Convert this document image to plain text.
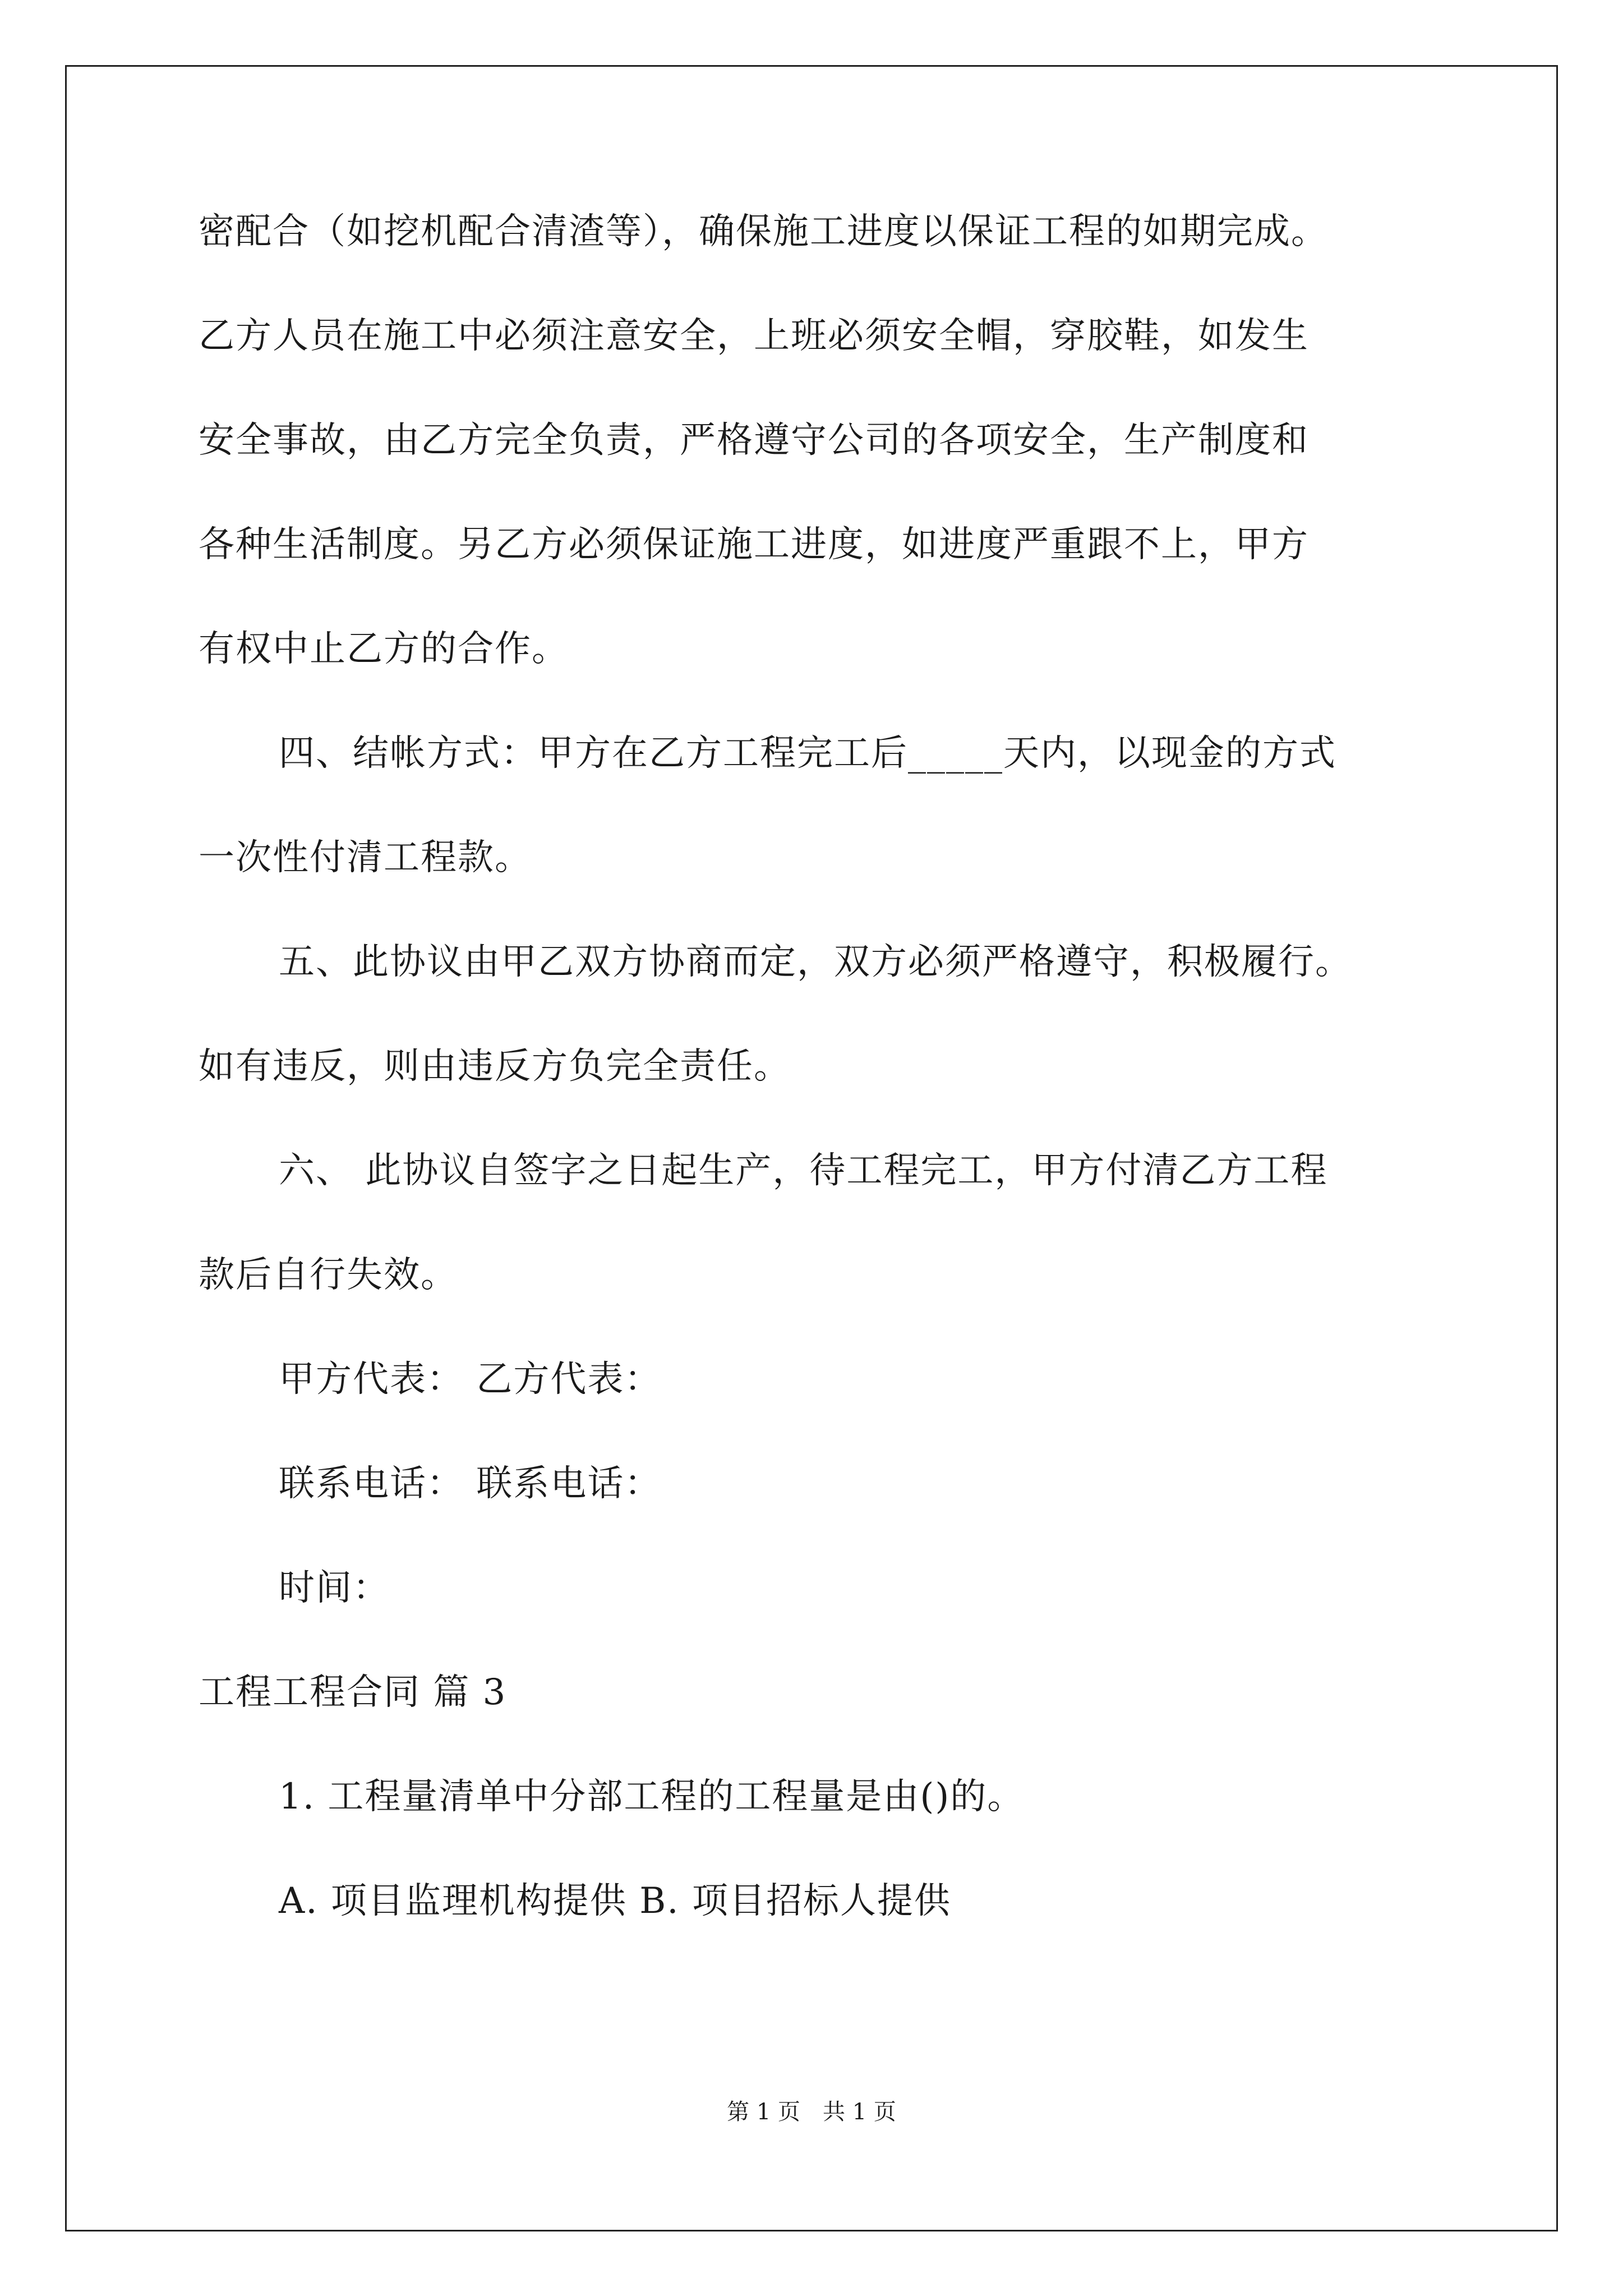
密配合（如挖机配合清渣等），确保施工进度以保证工程的如期完成。
乙方人员在施工中必须注意安全，上班必须安全帽，穿胶鞋，如发生
安全事故，由乙方完全负责，严格遵守公司的各项安全，生产制度和
各种生活制度。另乙方必须保证施工进度，如进度严重跟不上，甲方
有权中止乙方的合作。
四、结帐方式：甲方在乙方工程完工后_____天内，以现金的方式
一次性付清工程款。
五、此协议由甲乙双方协商而定，双方必须严格遵守，积极履行。
如有违反，则由违反方负完全责任。
六、 此协议自签字之日起生产，待工程完工，甲方付清乙方工程
款后自行失效。
甲方代表： 乙方代表：
联系电话： 联系电话：
时间：
工程工程合同 篇 3
1. 工程量清单中分部工程的工程量是由()的。
A. 项目监理机构提供 B. 项目招标人提供
第 1 页 共 1 页
